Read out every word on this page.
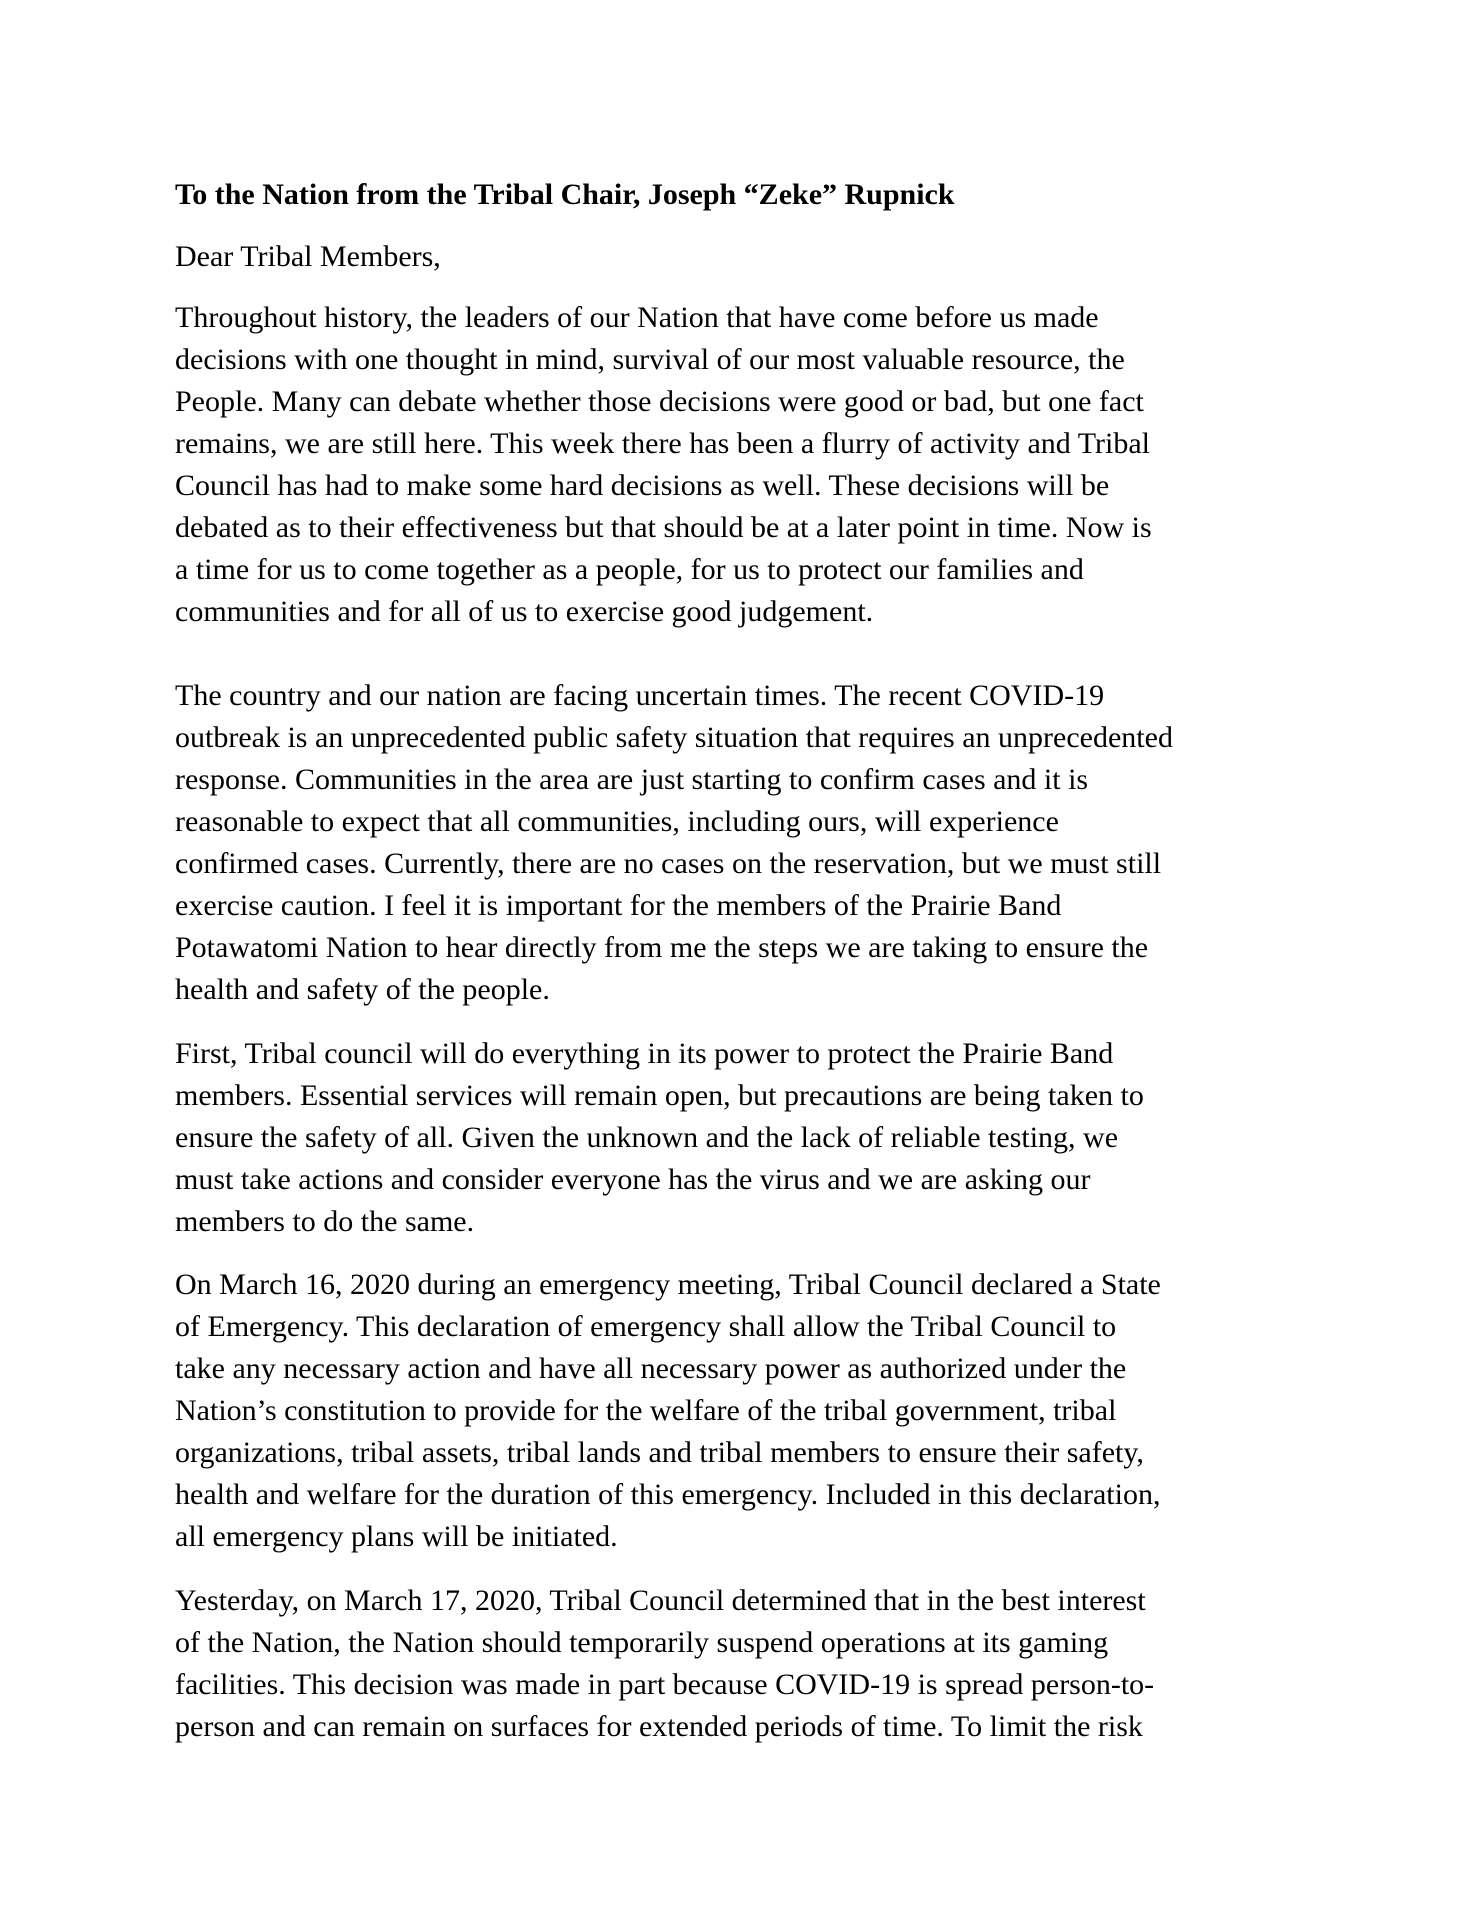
To the Nation from the Tribal Chair, Joseph “Zeke” Rupnick
Dear Tribal Members,

Throughout history, the leaders of our Nation that have come before us made
decisions with one thought in mind, survival of our most valuable resource, the
People. Many can debate whether those decisions were good or bad, but one fact
remains, we are still here. This week there has been a flurry of activity and Tribal
Council has had to make some hard decisions as well. These decisions will be
debated as to their effectiveness but that should be at a later point in time. Now is
a time for us to come together as a people, for us to protect our families and
communities and for all of us to exercise good judgement.

The country and our nation are facing uncertain times. The recent COVID-19
outbreak is an unprecedented public safety situation that requires an unprecedented
response. Communities in the area are just starting to confirm cases and it is
reasonable to expect that all communities, including ours, will experience
confirmed cases. Currently, there are no cases on the reservation, but we must still
exercise caution. I feel it is important for the members of the Prairie Band
Potawatomi Nation to hear directly from me the steps we are taking to ensure the
health and safety of the people.

First, Tribal council will do everything in its power to protect the Prairie Band
members. Essential services will remain open, but precautions are being taken to
ensure the safety of all. Given the unknown and the lack of reliable testing, we
must take actions and consider everyone has the virus and we are asking our
members to do the same.

On March 16, 2020 during an emergency meeting, Tribal Council declared a State
of Emergency. This declaration of emergency shall allow the Tribal Council to
take any necessary action and have all necessary power as authorized under the
Nation’s constitution to provide for the welfare of the tribal government, tribal
organizations, tribal assets, tribal lands and tribal members to ensure their safety,
health and welfare for the duration of this emergency. Included in this declaration,
all emergency plans will be initiated.

Yesterday, on March 17, 2020, Tribal Council determined that in the best interest
of the Nation, the Nation should temporarily suspend operations at its gaming
facilities. This decision was made in part because COVID-19 is spread person-to-
person and can remain on surfaces for extended periods of time. To limit the risk
